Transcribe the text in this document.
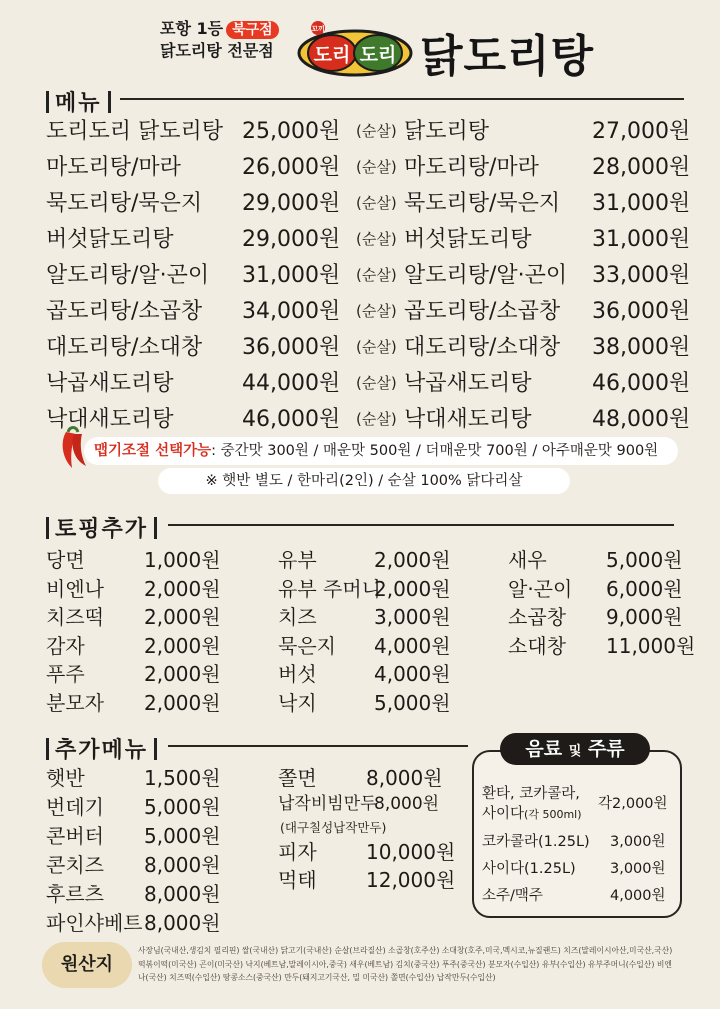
포항 1등 북구점
닭도리탕 전문점
꼬끼
도리 도리 닭도리탕
메뉴
도리도리 닭도리탕 25,000원 (순살) 닭도리탕	27,000원
마도리탕/마라	26,000원 (순살) 마도리탕/마라 28,000원
묵도리탕/묵은지 29,000원 (순살) 묵도리탕/묵은지 31,000원
버섯닭도리탕	29,000원 (순살) 버섯닭도리탕	31,000원
알도리탕/알·곤이 31,000원 (순살) 알도리탕/알·곤이 33,000원
곱도리탕/소곱창 34,000원 (순살) 곱도리탕/소곱창 36,000원
대도리탕/소대창 36,000원 (순살) 대도리탕/소대창 38,000원
낙곱새도리탕	44,000원 (순살) 낙곱새도리탕	46,000원
낙대새도리탕	46,000원 (순살) 낙대새도리탕	48,000원
맵기조절 선택가능: 중간맛 300원 / 매운맛 500원 / 더매운맛 700원 / 아주매운맛 900원
※ 햇반 별도 / 한마리(2인) / 순살 100% 닭다리살
토핑추가
당면	1,000원
비엔나 2,000원
치즈떡 2,000원
감자	2,000원
푸주	2,000원
분모자 2,000원
유부	2,000원
유부 주머니
2,000원
치즈	3,000원
묵은지 4,000원
버섯	4,000원
낙지	5,000원
새우	5,000원
알·곤이 6,000원
소곱창 9,000원
소대창 11,000원
추가메뉴
햇반	1,500원
번데기 5,000원
콘버터 5,000원
콘치즈 8,000원
후르츠 8,000원
파인샤베트 8,000원
쫄면 8,000원
납작비빔만두
8,000원
피자 10,000원
먹태 12,000원
(대구칠성납작만두)
음료 및 주류
환타, 코카콜라,
사이다(각 500ml)
각2,000원
코카콜라(1.25L) 3,000원
사이다(1.25L) 3,000원
소주/맥주	4,000원
원산지
사장님(국내산,생김치 필리핀) 쌀(국내산) 닭고기(국내산) 순살(브라질산) 소곱창(호주산) 소대창(호주,미국,멕시코,뉴질랜드) 치즈(말레이시아산,미국산,국산) 떡볶이떡(미국산) 곤이(미국산) 낙지(베트남,말레이시아,중국) 새우(베트남) 김치(중국산) 푸주(중국산) 분모자(수입산) 유부(수입산) 유부주머니(수입산) 비엔나(국산) 치즈떡(수입산) 땅콩소스(중국산) 만두(돼지고기국산, 밀 미국산) 쫄면(수입산) 납작만두(수입산)
